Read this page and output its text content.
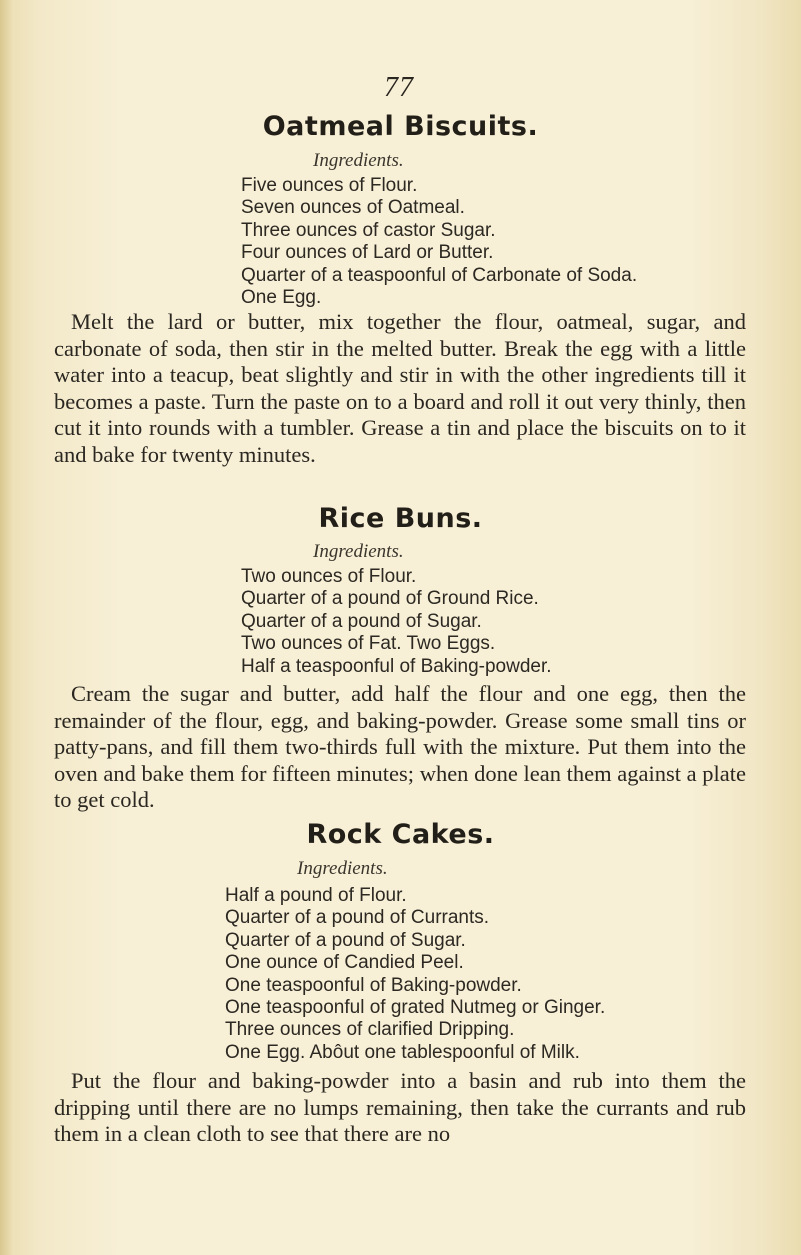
77
Oatmeal Biscuits.
Ingredients.
Five ounces of Flour.
Seven ounces of Oatmeal.
Three ounces of castor Sugar.
Four ounces of Lard or Butter.
Quarter of a teaspoonful of Carbonate of Soda.
One Egg.

Melt the lard or butter, mix together the flour, oatmeal, sugar, and carbonate of soda, then stir in the melted butter. Break the egg with a little water into a teacup, beat slightly and stir in with the other ingredients till it becomes a paste. Turn the paste on to a board and roll it out very thinly, then cut it into rounds with a tumbler. Grease a tin and place the biscuits on to it and bake for twenty minutes.

Rice Buns.
Ingredients.
Two ounces of Flour.
Quarter of a pound of Ground Rice.
Quarter of a pound of Sugar.
Two ounces of Fat. Two Eggs.
Half a teaspoonful of Baking-powder.

Cream the sugar and butter, add half the flour and one egg, then the remainder of the flour, egg, and baking-powder. Grease some small tins or patty-pans, and fill them two-thirds full with the mixture. Put them into the oven and bake them for fifteen minutes; when done lean them against a plate to get cold.

Rock Cakes.
Ingredients.
Half a pound of Flour.
Quarter of a pound of Currants.
Quarter of a pound of Sugar.
One ounce of Candied Peel.
One teaspoonful of Baking-powder.
One teaspoonful of grated Nutmeg or Ginger.
Three ounces of clarified Dripping.
One Egg. Abôut one tablespoonful of Milk.

Put the flour and baking-powder into a basin and rub into them the dripping until there are no lumps remaining, then take the currants and rub them in a clean cloth to see that there are no
